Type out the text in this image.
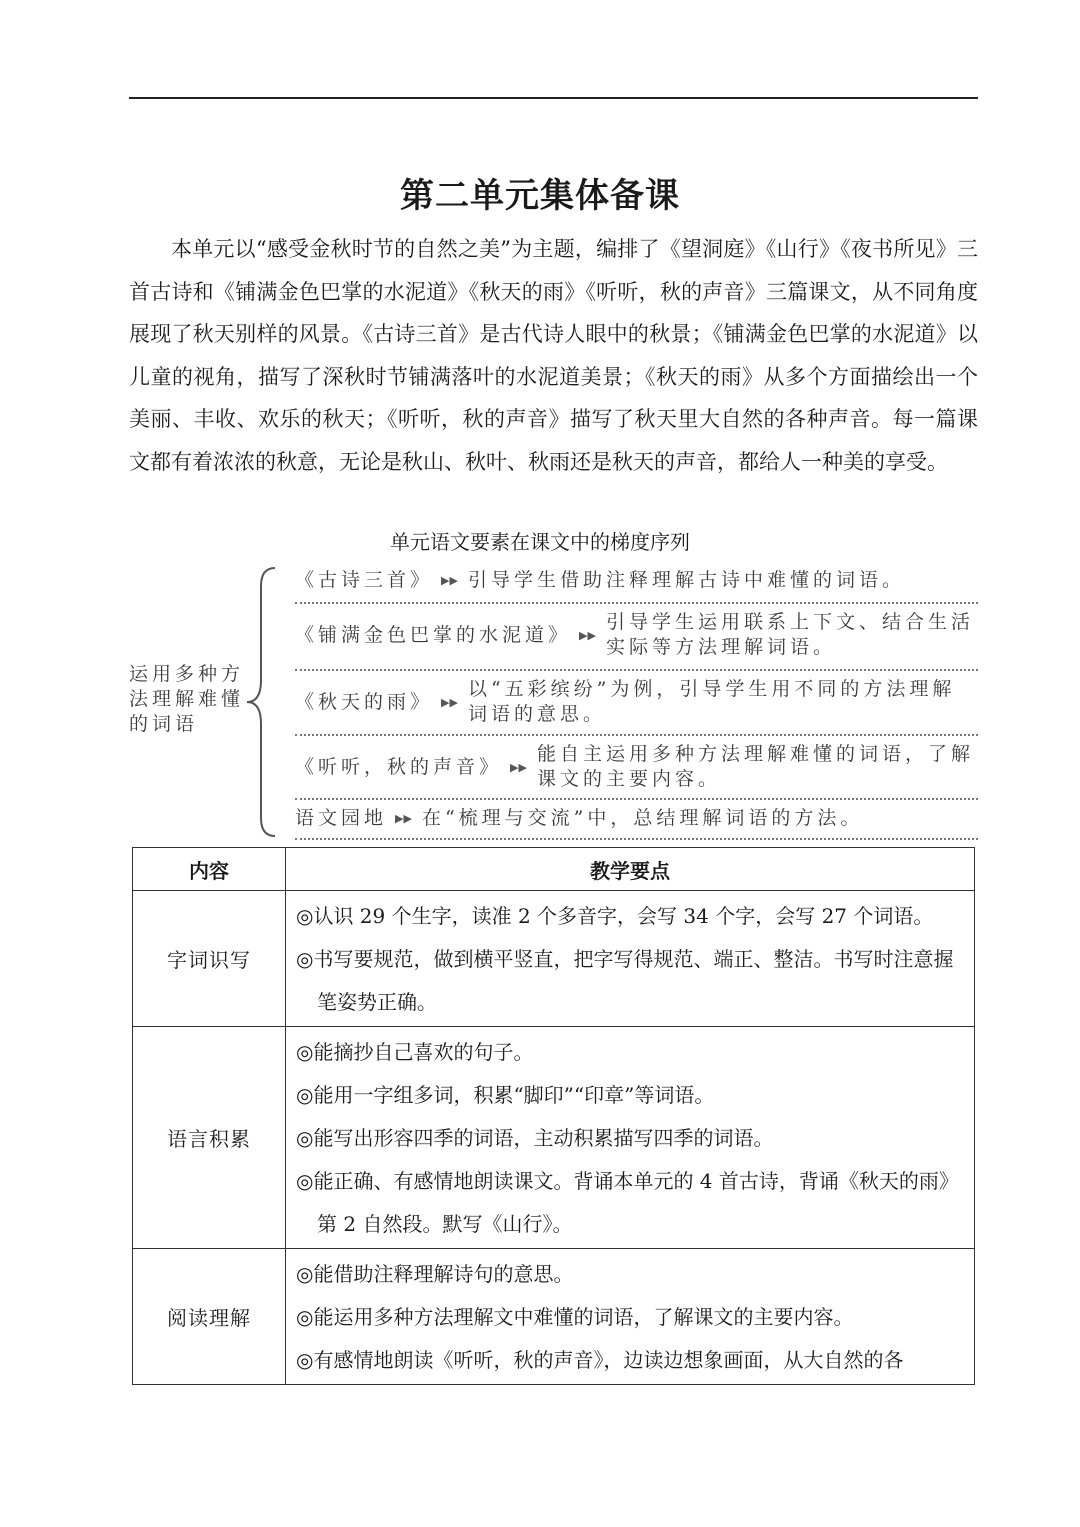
第二单元集体备课

本单元以“感受金秋时节的自然之美”为主题，编排了《望洞庭》《山行》《夜书所见》三首古诗和《铺满金色巴掌的水泥道》《秋天的雨》《听听，秋的声音》三篇课文，从不同角度展现了秋天别样的风景。《古诗三首》是古代诗人眼中的秋景；《铺满金色巴掌的水泥道》以儿童的视角，描写了深秋时节铺满落叶的水泥道美景；《秋天的雨》从多个方面描绘出一个美丽、丰收、欢乐的秋天；《听听，秋的声音》描写了秋天里大自然的各种声音。每一篇课文都有着浓浓的秋意，无论是秋山、秋叶、秋雨还是秋天的声音，都给人一种美的享受。

单元语文要素在课文中的梯度序列
运用多种方法理解难懂的词语
《古诗三首》 ▶▶ 引导学生借助注释理解古诗中难懂的词语。
《铺满金色巴掌的水泥道》 ▶▶
引导学生运用联系上下文、结合生活实际等方法理解词语。
《秋天的雨》 ▶▶
以“五彩缤纷”为例，引导学生用不同的方法理解词语的意思。
《听听，秋的声音》 ▶▶
能自主运用多种方法理解难懂的词语，了解课文的主要内容。
语文园地 ▶▶ 在“梳理与交流”中，总结理解词语的方法。
内容	教学要点
字词识写	◎认识 29 个生字，读准 2 个多音字，会写 34 个字，会写 27 个词语。

◎书写要规范，做到横平竖直，把字写得规范、端正、整洁。书写时注意握笔姿势正确。

语言积累	◎能摘抄自己喜欢的句子。

◎能用一字组多词，积累“脚印”“印章”等词语。

◎能写出形容四季的词语，主动积累描写四季的词语。

◎能正确、有感情地朗读课文。背诵本单元的 4 首古诗，背诵《秋天的雨》第 2 自然段。默写《山行》。

阅读理解	◎能借助注释理解诗句的意思。

◎能运用多种方法理解文中难懂的词语，了解课文的主要内容。

◎有感情地朗读《听听，秋的声音》，边读边想象画面，从大自然的各
